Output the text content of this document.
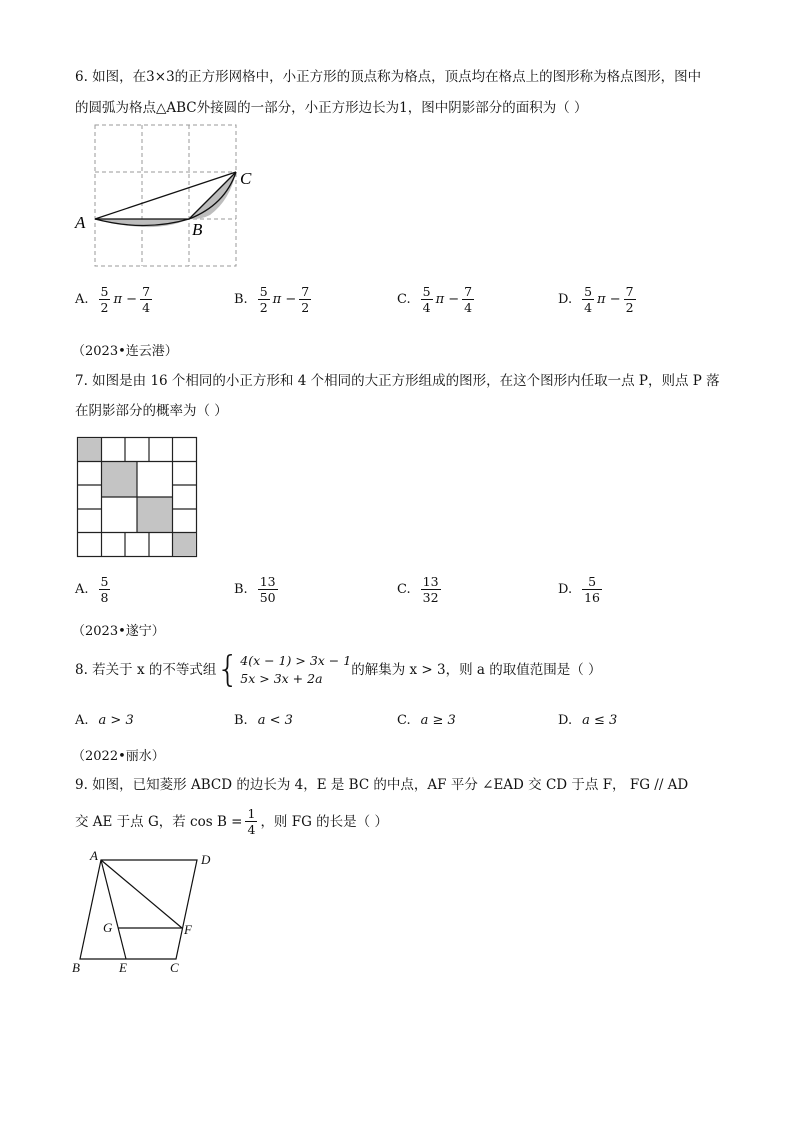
6. 如图，在3×3的正方形网格中，小正方形的顶点称为格点，顶点均在格点上的图形称为格点图形，图中
的圆弧为格点△ABC外接圆的一部分，小正方形边长为1，图中阴影部分的面积为（ ）
A	B
C
A. $\frac{5}{2}$ $\pi - \frac{7}{4}$	B. $\frac{5}{2}$ $\pi - \frac{7}{2}$	C. $\frac{5}{4}$ $\pi - \frac{7}{4}$	D. $\frac{5}{4}$ $\pi - \frac{7}{2}$
（2023•连云港）
7. 如图是由 16 个相同的小正方形和 4 个相同的大正方形组成的图形，在这个图形内任取一点 P，则点 P 落
在阴影部分的概率为（ ）
A. $\frac{5}{8}$	B. $\frac{13}{50}$	C. $\frac{13}{32}$	D. $\frac{5}{16}$
（2023•遂宁）
8. 若关于 x 的不等式组 { 4(x − 1) > 3x − 1
5x > 3x + 2a
的解集为 x > 3，则 a 的取值范围是（ ）
A. a > 3	B. a < 3	C. a ≥ 3	D. a ≤ 3
（2022•丽水）
9. 如图，已知菱形 ABCD 的边长为 4，E 是 BC 的中点，AF 平分 ∠EAD 交 CD 于点 F， FG // AD
交 AE 于点 G，若 $\cos B = \frac{1}{4}$ ，则 FG 的长是（ ）
A	D
G	F
B	E	C
